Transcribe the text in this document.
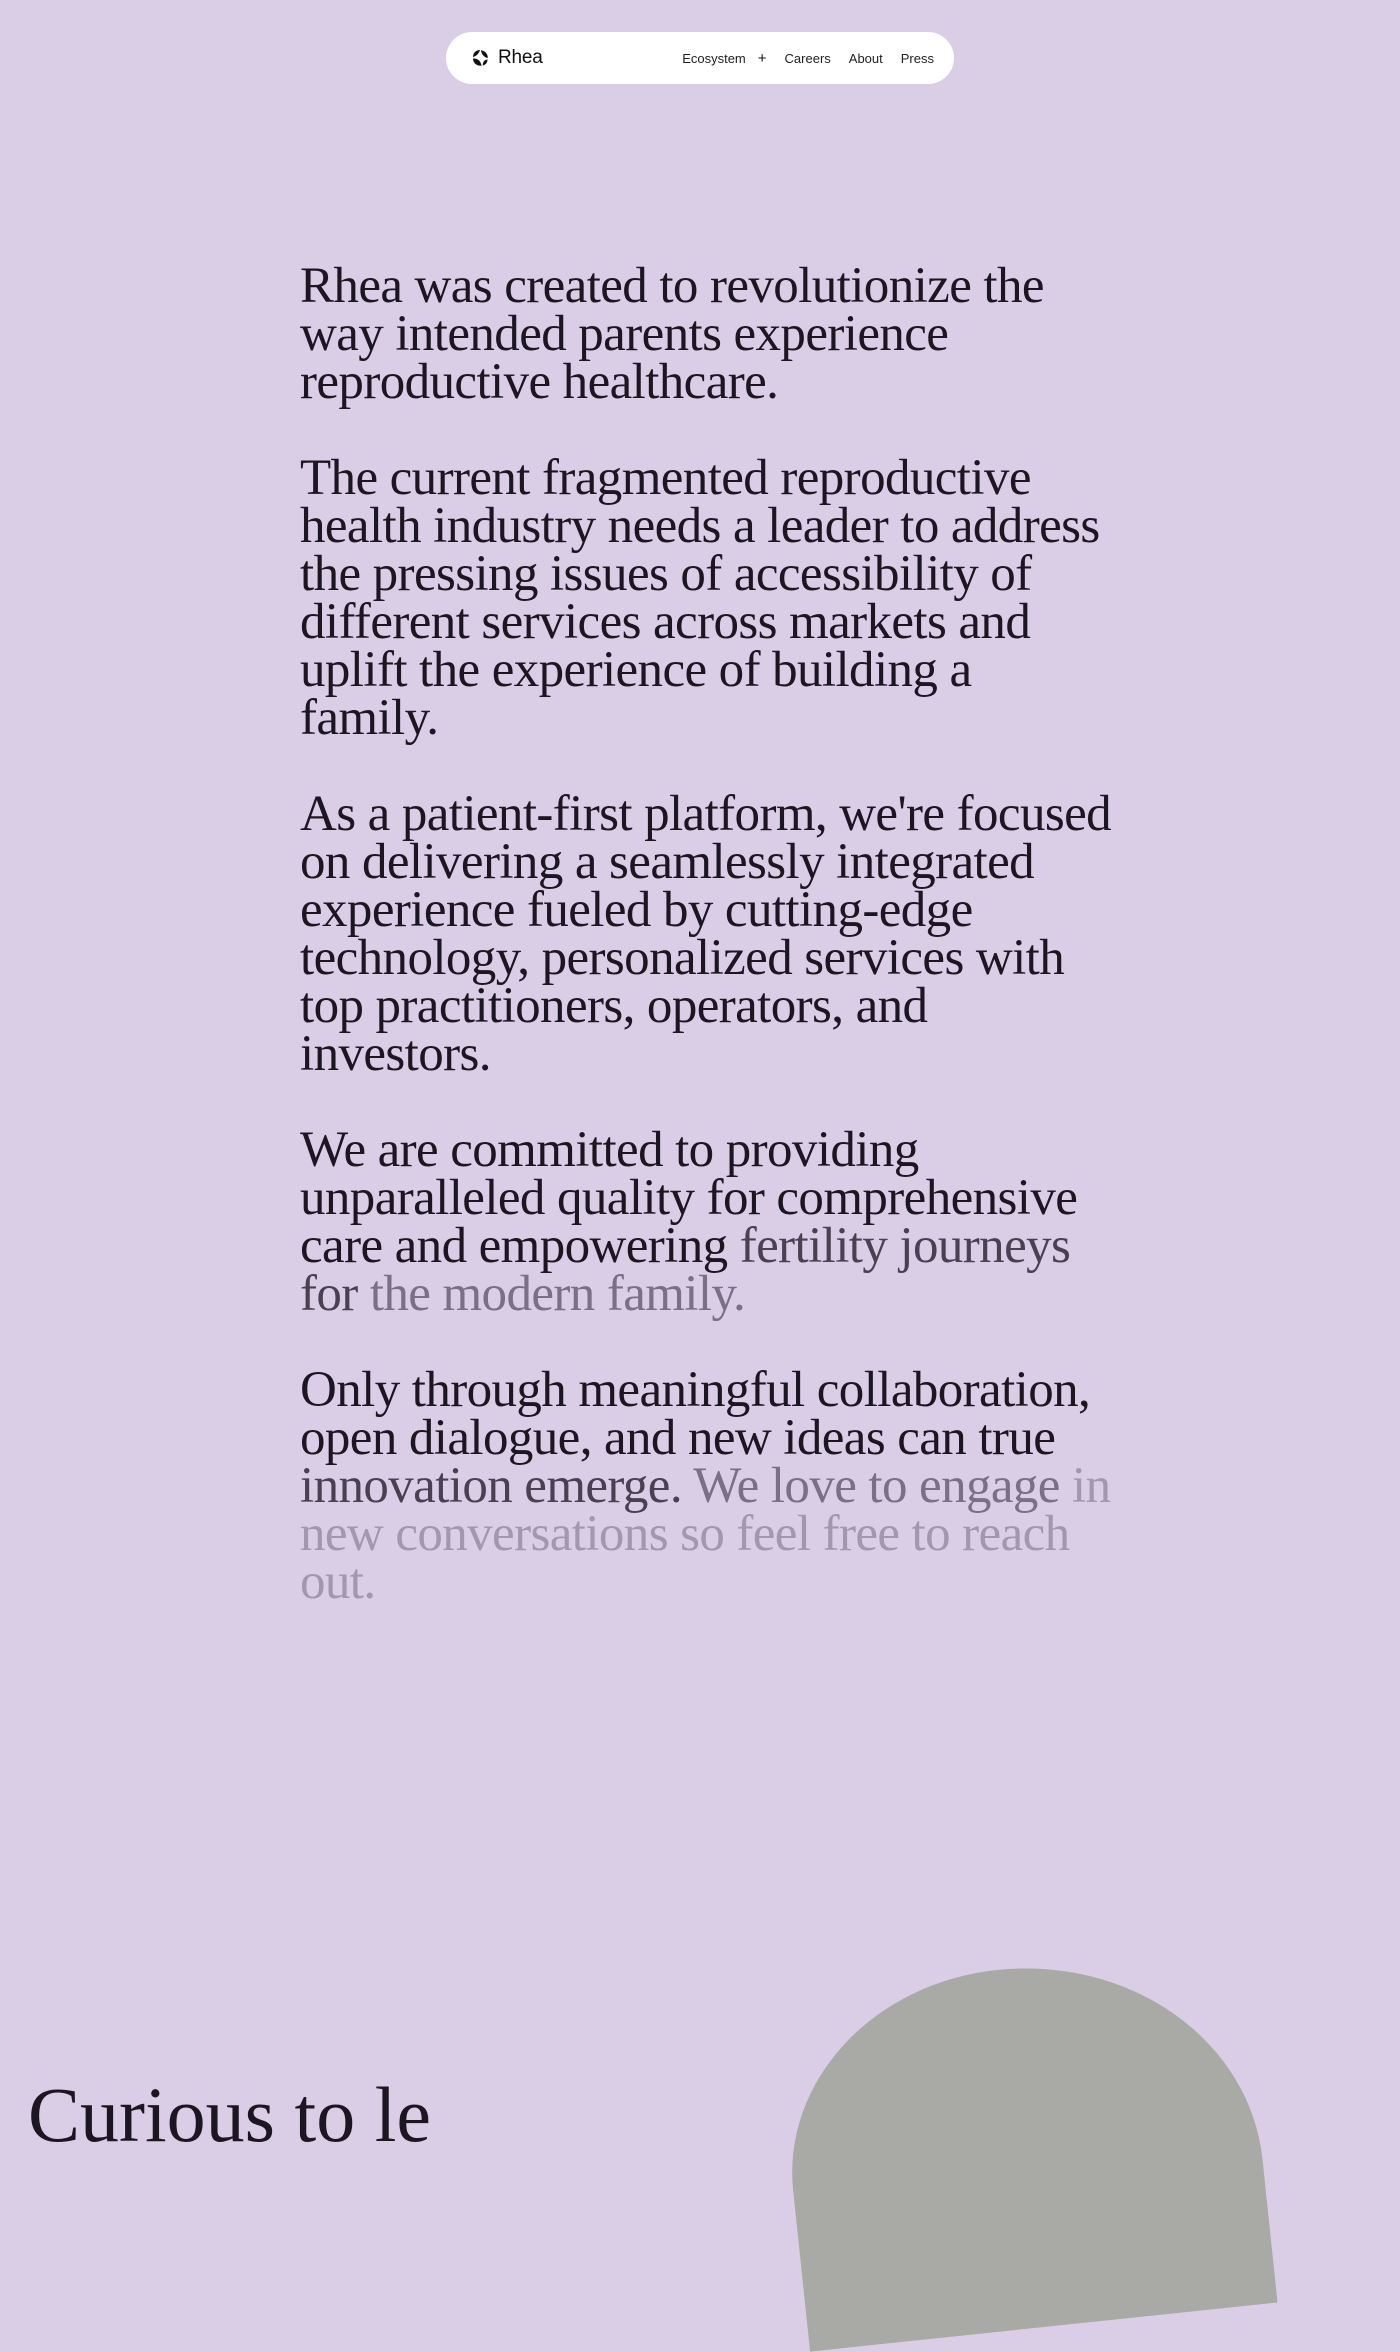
Rhea	Ecosystem + Careers About Press

Rhea was created to revolutionize the way intended parents experience reproductive healthcare.

The current fragmented reproductive health industry needs a leader to address the pressing issues of accessibility of different services across markets and uplift the experience of building a family.

As a patient-first platform, we're focused on delivering a seamlessly integrated experience fueled by cutting-edge technology, personalized services with top practitioners, operators, and investors.

We are committed to providing unparalleled quality for comprehensive care and empowering fertility journeys for the modern family.

Only through meaningful collaboration, open dialogue, and new ideas can true innovation emerge. We love to engage in new conversations so feel free to reach out.

Curious to le
